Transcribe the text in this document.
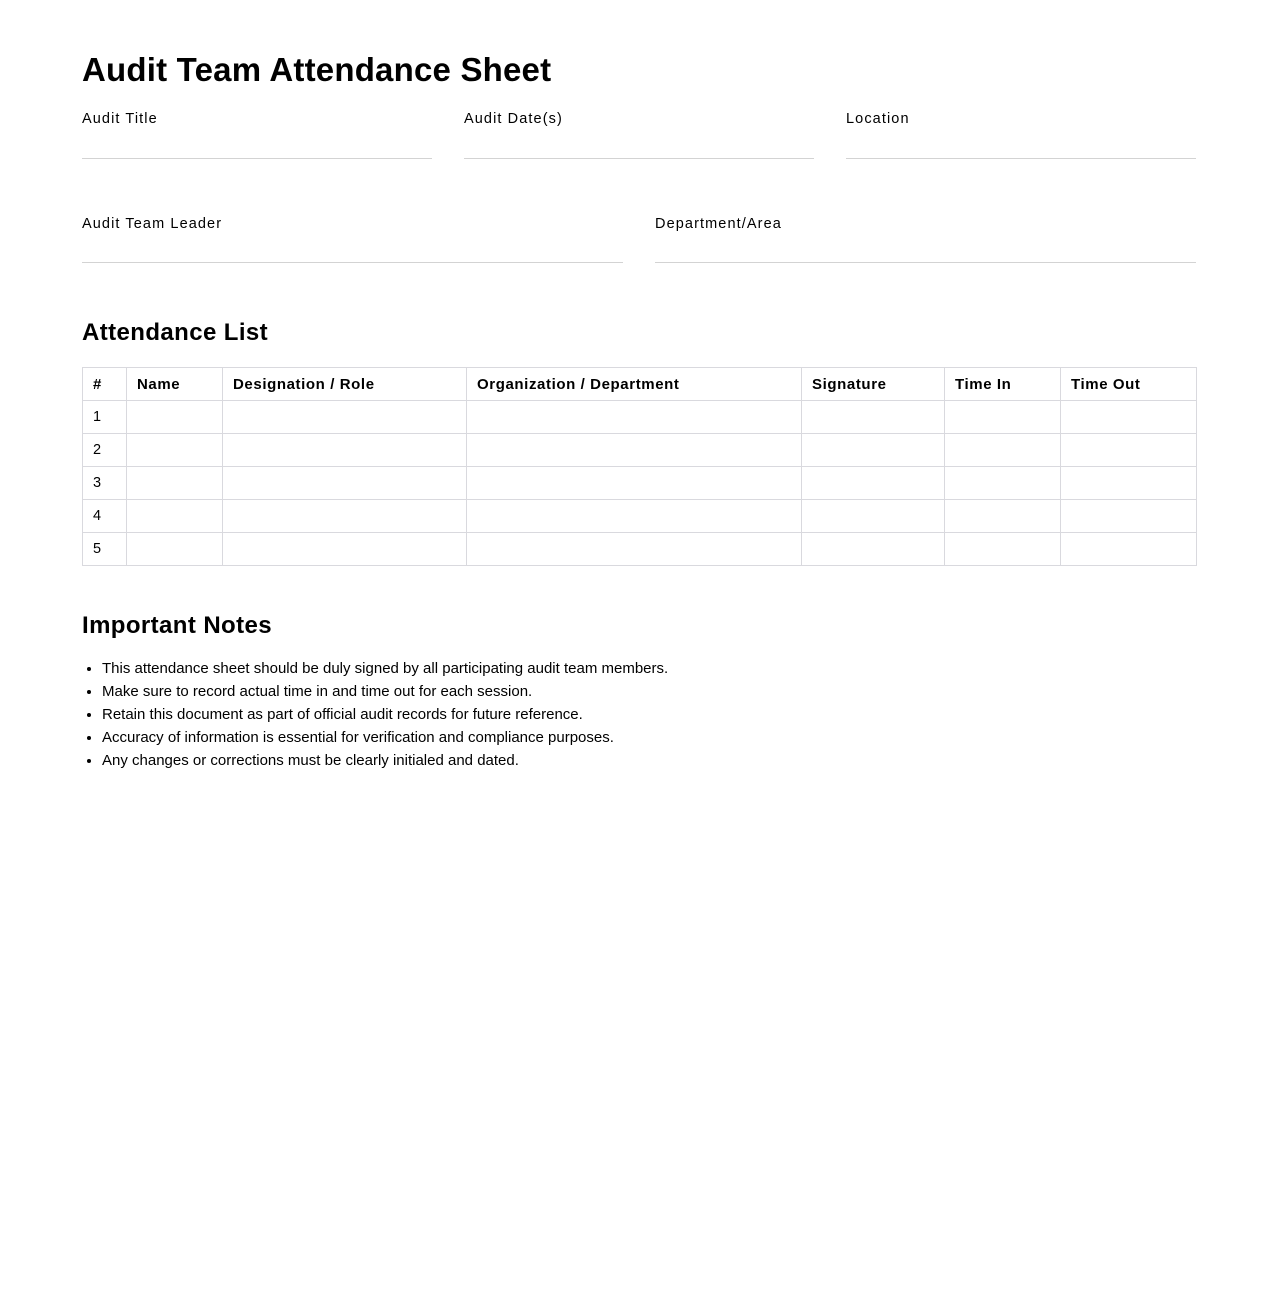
Audit Team Attendance Sheet
Audit Title	Audit Date(s)	Location
Audit Team Leader	Department/Area
Attendance List
#	Name	Designation / Role	Organization / Department	Signature	Time In	Time Out
1						
2						
3						
4						
5						
Important Notes
• This attendance sheet should be duly signed by all participating audit team members.
• Make sure to record actual time in and time out for each session.
• Retain this document as part of official audit records for future reference.
• Accuracy of information is essential for verification and compliance purposes.
• Any changes or corrections must be clearly initialed and dated.
